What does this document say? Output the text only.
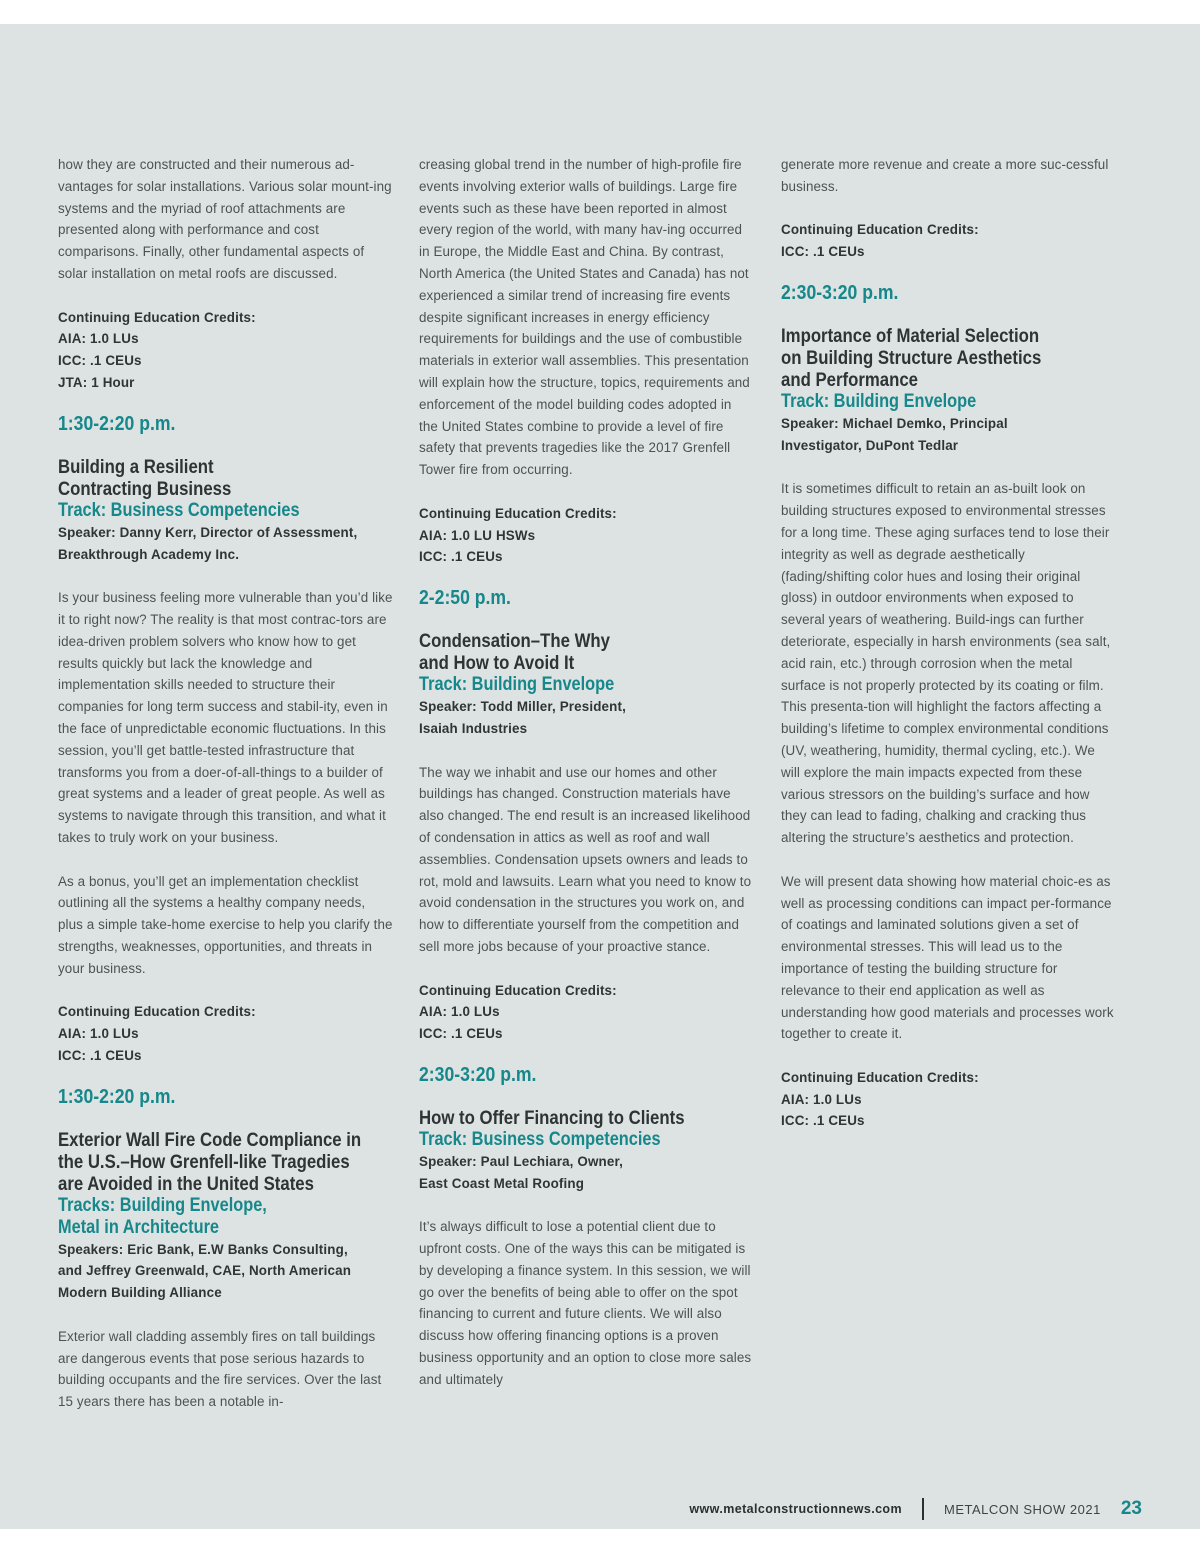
how they are constructed and their numerous ad-vantages for solar installations. Various solar mount-ing systems and the myriad of roof attachments are presented along with performance and cost comparisons. Finally, other fundamental aspects of solar installation on metal roofs are discussed.

Continuing Education Credits:
AIA: 1.0 LUs
ICC: .1 CEUs
JTA: 1 Hour
1:30-2:20 p.m.
Building a Resilient
Contracting Business
Track: Business Competencies
Speaker: Danny Kerr, Director of Assessment,
Breakthrough Academy Inc.

Is your business feeling more vulnerable than you’d like it to right now? The reality is that most contrac-tors are idea-driven problem solvers who know how to get results quickly but lack the knowledge and implementation skills needed to structure their companies for long term success and stabil-ity, even in the face of unpredictable economic fluctuations. In this session, you’ll get battle-tested infrastructure that transforms you from a doer-of-all-things to a builder of great systems and a leader of great people. As well as systems to navigate through this transition, and what it takes to truly work on your business.

As a bonus, you’ll get an implementation checklist outlining all the systems a healthy company needs, plus a simple take-home exercise to help you clarify the strengths, weaknesses, opportunities, and threats in your business.

Continuing Education Credits:
AIA: 1.0 LUs
ICC: .1 CEUs
1:30-2:20 p.m.
Exterior Wall Fire Code Compliance in
the U.S.–How Grenfell-like Tragedies
are Avoided in the United States
Tracks: Building Envelope,
Metal in Architecture
Speakers: Eric Bank, E.W Banks Consulting,
and Jeffrey Greenwald, CAE, North American
Modern Building Alliance

Exterior wall cladding assembly fires on tall buildings are dangerous events that pose serious hazards to building occupants and the fire services. Over the last 15 years there has been a notable in-

creasing global trend in the number of high-profile fire events involving exterior walls of buildings. Large fire events such as these have been reported in almost every region of the world, with many hav-ing occurred in Europe, the Middle East and China. By contrast, North America (the United States and Canada) has not experienced a similar trend of increasing fire events despite significant increases in energy efficiency requirements for buildings and the use of combustible materials in exterior wall assemblies. This presentation will explain how the structure, topics, requirements and enforcement of the model building codes adopted in the United States combine to provide a level of fire safety that prevents tragedies like the 2017 Grenfell Tower fire from occurring.

Continuing Education Credits:
AIA: 1.0 LU HSWs
ICC: .1 CEUs
2-2:50 p.m.
Condensation–The Why
and How to Avoid It
Track: Building Envelope
Speaker: Todd Miller, President,
Isaiah Industries

The way we inhabit and use our homes and other buildings has changed. Construction materials have also changed. The end result is an increased likelihood of condensation in attics as well as roof and wall assemblies. Condensation upsets owners and leads to rot, mold and lawsuits. Learn what you need to know to avoid condensation in the structures you work on, and how to differentiate yourself from the competition and sell more jobs because of your proactive stance.

Continuing Education Credits:
AIA: 1.0 LUs
ICC: .1 CEUs
2:30-3:20 p.m.
How to Offer Financing to Clients
Track: Business Competencies
Speaker: Paul Lechiara, Owner,
East Coast Metal Roofing

It’s always difficult to lose a potential client due to upfront costs. One of the ways this can be mitigated is by developing a finance system. In this session, we will go over the benefits of being able to offer on the spot financing to current and future clients. We will also discuss how offering financing options is a proven business opportunity and an option to close more sales and ultimately

generate more revenue and create a more suc-cessful business.

Continuing Education Credits:
ICC: .1 CEUs
2:30-3:20 p.m.
Importance of Material Selection
on Building Structure Aesthetics
and Performance
Track: Building Envelope
Speaker: Michael Demko, Principal
Investigator, DuPont Tedlar

It is sometimes difficult to retain an as-built look on building structures exposed to environmental stresses for a long time. These aging surfaces tend to lose their integrity as well as degrade aesthetically (fading/shifting color hues and losing their original gloss) in outdoor environments when exposed to several years of weathering. Build-ings can further deteriorate, especially in harsh environments (sea salt, acid rain, etc.) through corrosion when the metal surface is not properly protected by its coating or film. This presenta-tion will highlight the factors affecting a building’s lifetime to complex environmental conditions (UV, weathering, humidity, thermal cycling, etc.). We will explore the main impacts expected from these various stressors on the building’s surface and how they can lead to fading, chalking and cracking thus altering the structure’s aesthetics and protection.

We will present data showing how material choic-es as well as processing conditions can impact per-formance of coatings and laminated solutions given a set of environmental stresses. This will lead us to the importance of testing the building structure for relevance to their end application as well as understanding how good materials and processes work together to create it.

Continuing Education Credits:
AIA: 1.0 LUs
ICC: .1 CEUs
www.metalconstructionnews.com	METALCON SHOW 2021 23
